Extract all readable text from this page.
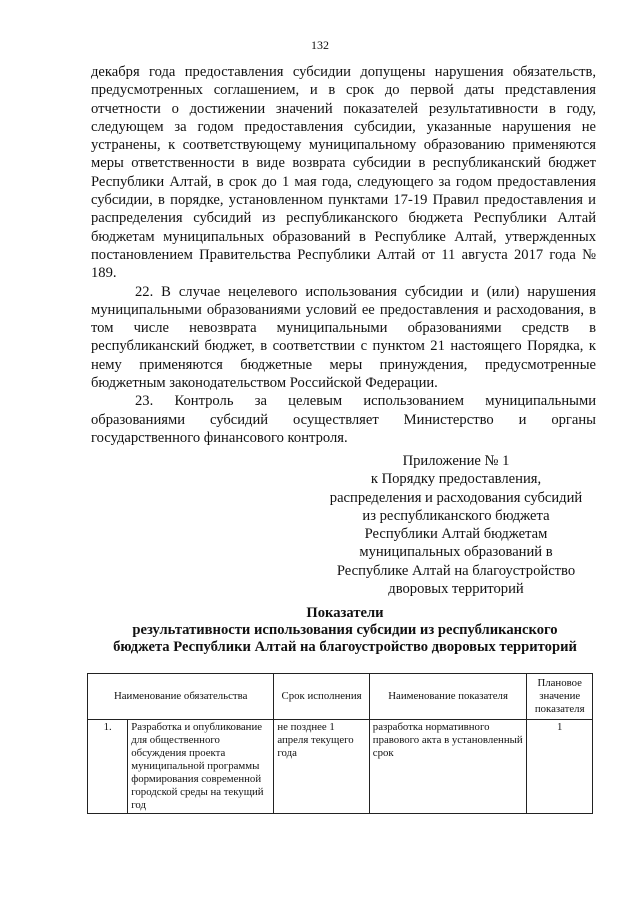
132

декабря года предоставления субсидии допущены нарушения обязательств, предусмотренных соглашением, и в срок до первой даты представления отчетности о достижении значений показателей результативности в году, следующем за годом предоставления субсидии, указанные нарушения не устранены, к соответствующему муниципальному образованию применяются меры ответственности в виде возврата субсидии в республиканский бюджет Республики Алтай, в срок до 1 мая года, следующего за годом предоставления субсидии, в порядке, установленном пунктами 17-19 Правил предоставления и распределения субсидий из республиканского бюджета Республики Алтай бюджетам муниципальных образований в Республике Алтай, утвержденных постановлением Правительства Республики Алтай от 11 августа 2017 года № 189.

22. В случае нецелевого использования субсидии и (или) нарушения муниципальными образованиями условий ее предоставления и расходования, в том числе невозврата муниципальными образованиями средств в республиканский бюджет, в соответствии с пунктом 21 настоящего Порядка, к нему применяются бюджетные меры принуждения, предусмотренные бюджетным законодательством Российской Федерации.

23. Контроль за целевым использованием муниципальными образованиями субсидий осуществляет Министерство и органы государственного финансового контроля.

Приложение № 1
к Порядку предоставления,
распределения и расходования субсидий
из республиканского бюджета
Республики Алтай бюджетам
муниципальных образований в
Республике Алтай на благоустройство
дворовых территорий
Показатели
результативности использования субсидии из республиканского
бюджета Республики Алтай на благоустройство дворовых территорий
Наименование обязательства		Срок исполнения	Наименование показателя	Плановое значение показателя
1.	Разработка и опубликование для общественного обсуждения проекта муниципальной программы формирования современной городской среды на текущий год	не позднее 1 апреля текущего года	разработка нормативного правового акта в установленный срок	1
